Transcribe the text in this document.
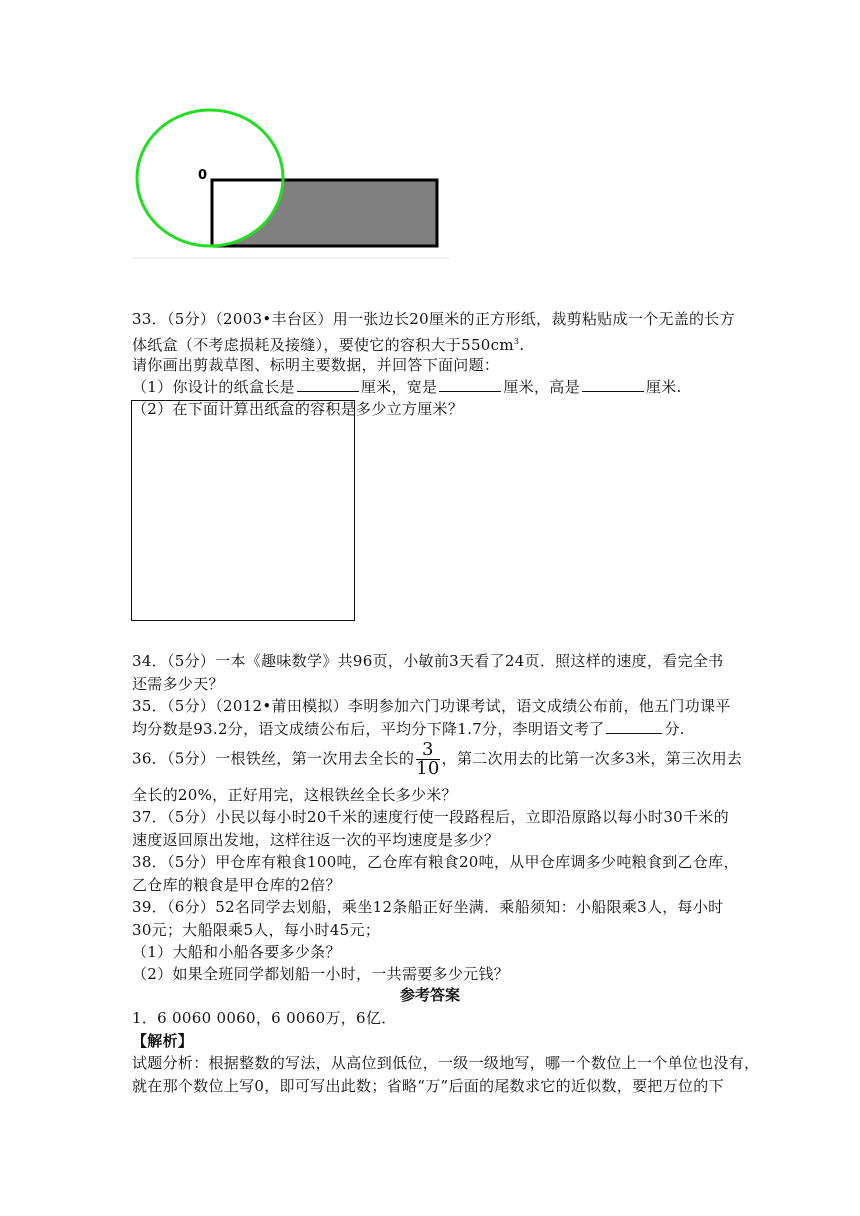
0
33．（5分）（2003•丰台区）用一张边长20厘米的正方形纸，裁剪粘贴成一个无盖的长方
体纸盒（不考虑损耗及接缝），要使它的容积大于$550cm^3$.
请你画出剪裁草图、标明主要数据，并回答下面问题：
（1）你设计的纸盒长是	厘米，宽是	厘米，高是	厘米.
（2）在下面计算出纸盒的容积是多少立方厘米？
34．（5分）一本《趣味数学》共96页，小敏前3天看了24页．照这样的速度，看完全书
还需多少天？
35．（5分）（2012•莆田模拟）李明参加六门功课考试，语文成绩公布前，他五门功课平
均分数是93.2分，语文成绩公布后，平均分下降1.7分，李明语文考了	分.
36．（5分）一根铁丝，第一次用去全长的 $\frac{3}{10}$ ，第二次用去的比第一次多3米，第三次用去
全长的20%，正好用完，这根铁丝全长多少米？
37．（5分）小民以每小时20千米的速度行使一段路程后，立即沿原路以每小时30千米的
速度返回原出发地，这样往返一次的平均速度是多少？
38．（5分）甲仓库有粮食100吨，乙仓库有粮食20吨，从甲仓库调多少吨粮食到乙仓库，
乙仓库的粮食是甲仓库的2倍？
39．（6分）52名同学去划船，乘坐12条船正好坐满．乘船须知：小船限乘3人，每小时
30元；大船限乘5人，每小时45元；
（1）大船和小船各要多少条？
（2）如果全班同学都划船一小时，一共需要多少元钱？
参考答案
1．6 0060 0060，6 0060万，6亿．
【解析】
试题分析：根据整数的写法，从高位到低位，一级一级地写，哪一个数位上一个单位也没有，
就在那个数位上写0，即可写出此数；省略“万”后面的尾数求它的近似数，要把万位的下
